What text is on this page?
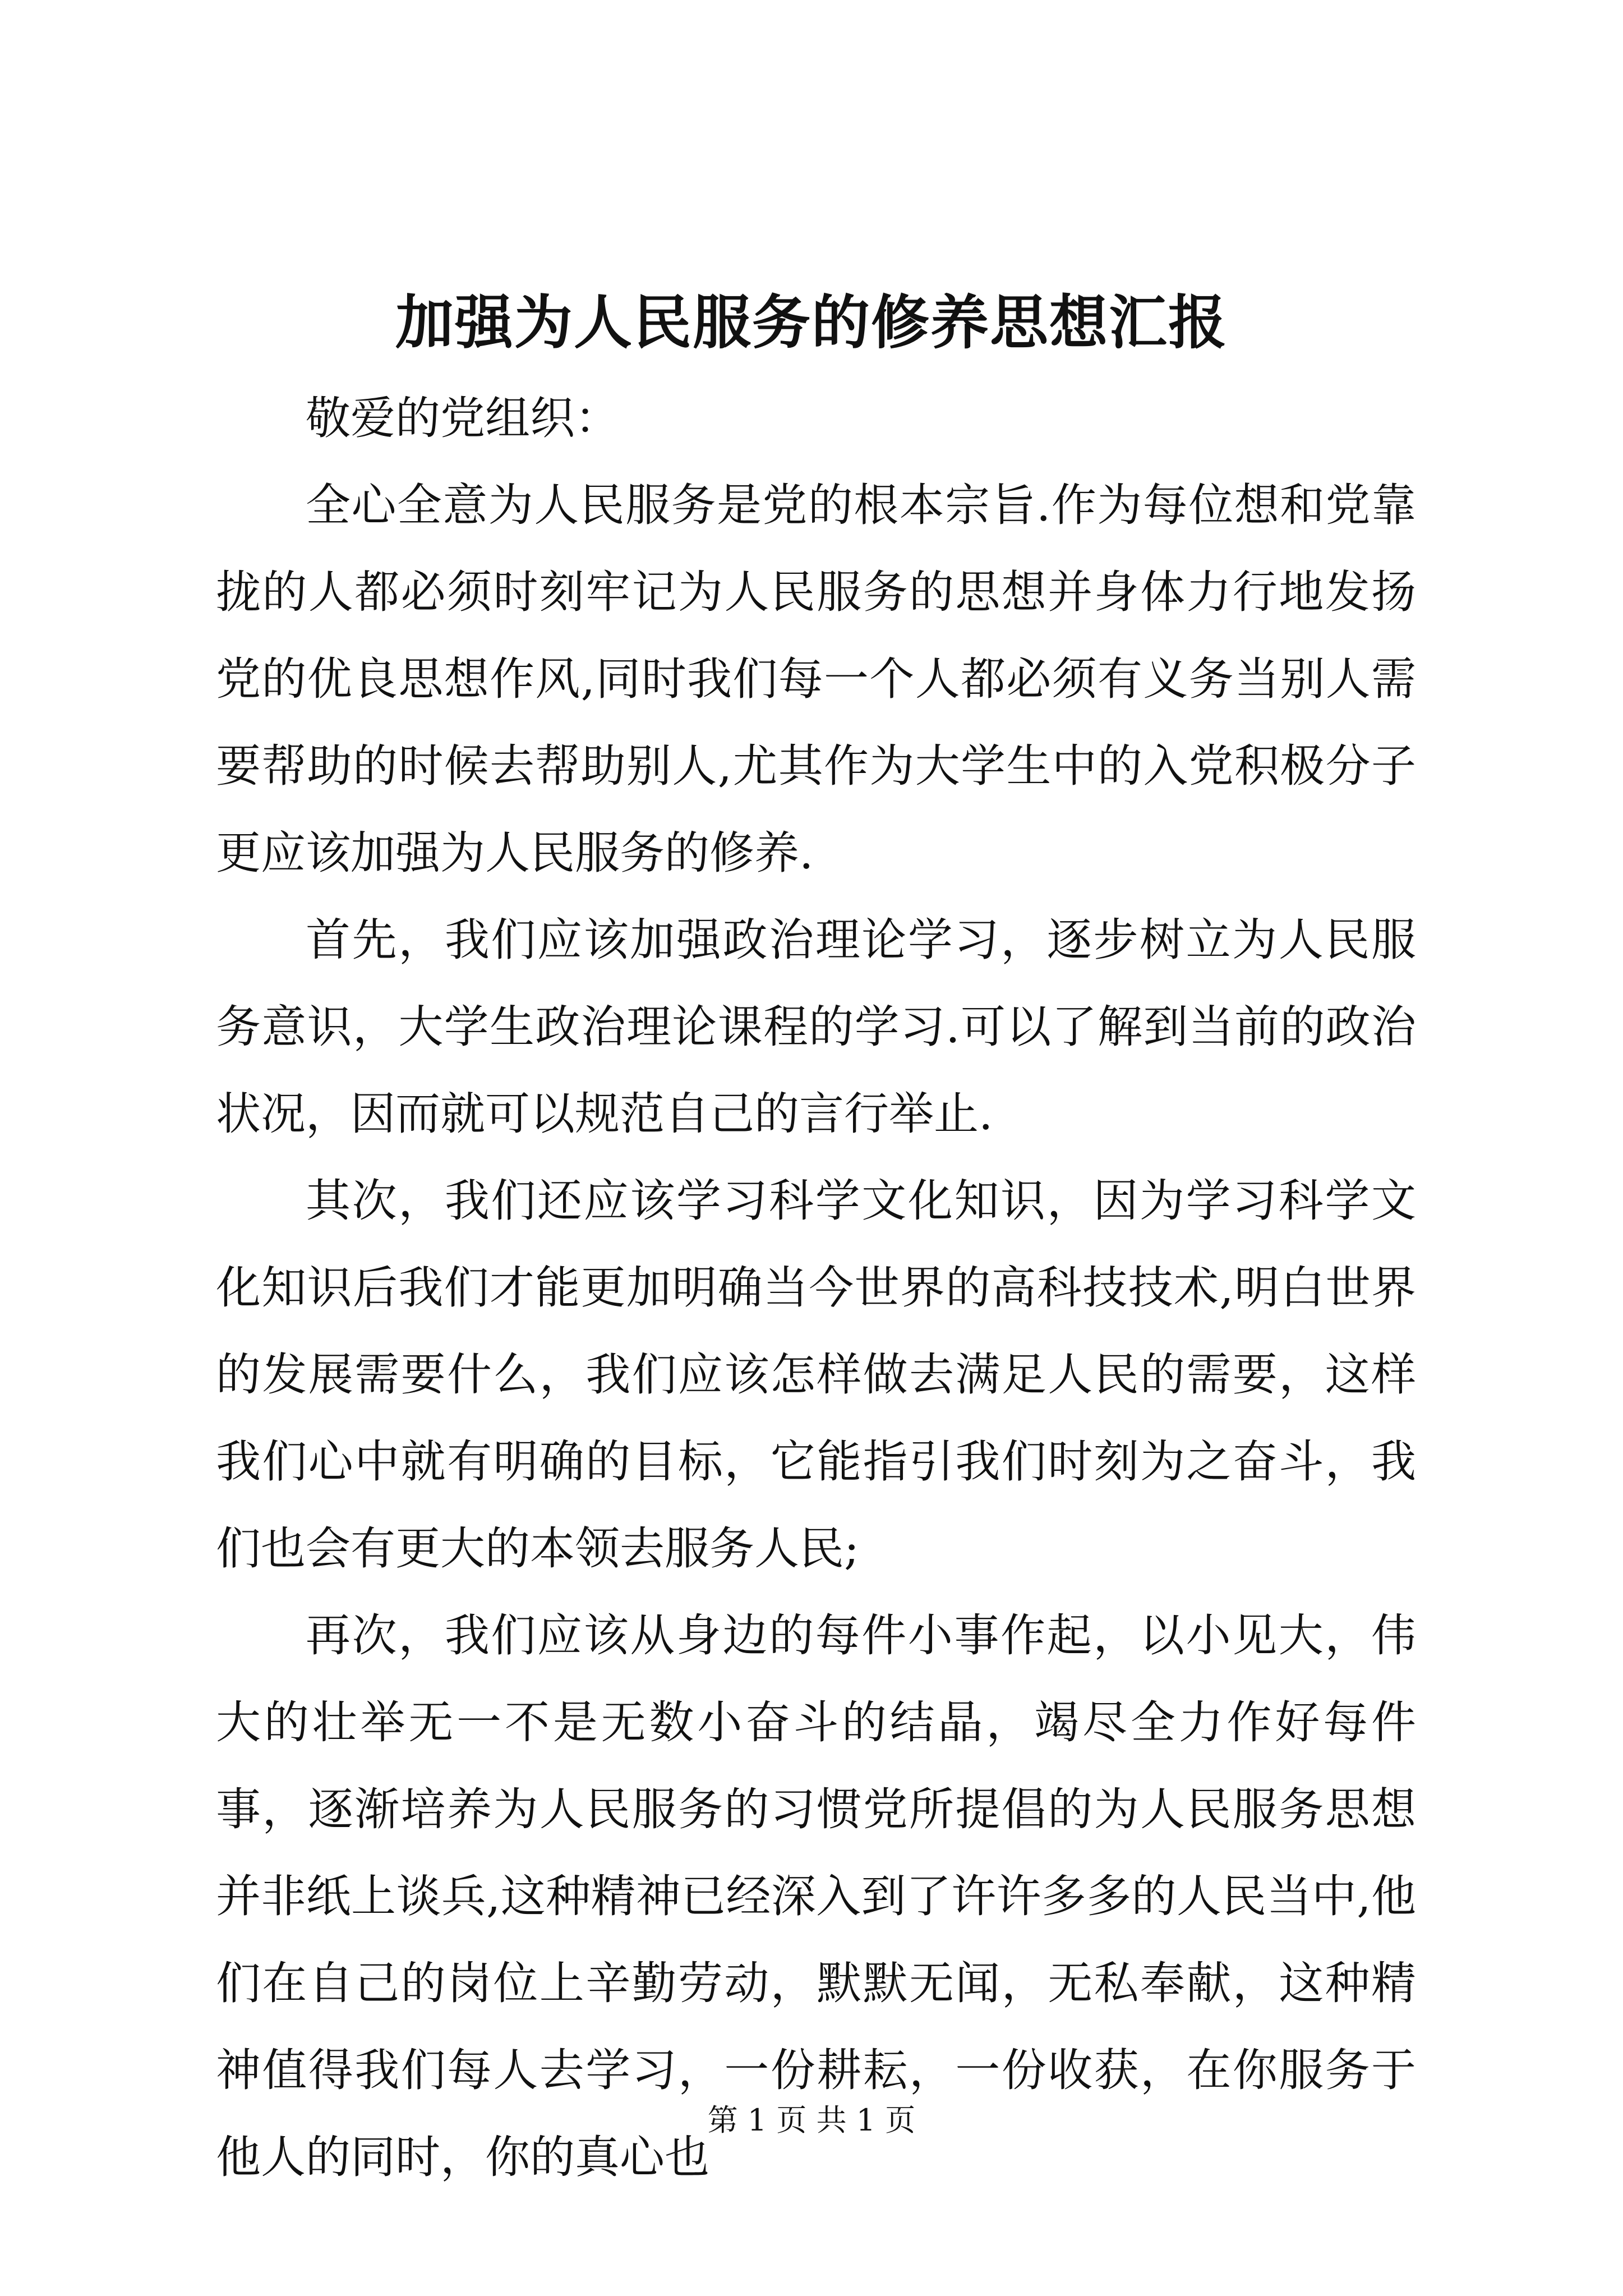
加强为人民服务的修养思想汇报

敬爱的党组织：

全心全意为人民服务是党的根本宗旨.作为每位想和党靠拢的人都必须时刻牢记为人民服务的思想并身体力行地发扬党的优良思想作风,同时我们每一个人都必须有义务当别人需要帮助的时候去帮助别人,尤其作为大学生中的入党积极分子更应该加强为人民服务的修养.

首先，我们应该加强政治理论学习，逐步树立为人民服务意识，大学生政治理论课程的学习.可以了解到当前的政治状况，因而就可以规范自己的言行举止.

其次，我们还应该学习科学文化知识，因为学习科学文化知识后我们才能更加明确当今世界的高科技技术,明白世界的发展需要什么，我们应该怎样做去满足人民的需要，这样我们心中就有明确的目标，它能指引我们时刻为之奋斗，我们也会有更大的本领去服务人民;

再次，我们应该从身边的每件小事作起，以小见大，伟大的壮举无一不是无数小奋斗的结晶，竭尽全力作好每件事，逐渐培养为人民服务的习惯党所提倡的为人民服务思想并非纸上谈兵,这种精神已经深入到了许许多多的人民当中,他们在自己的岗位上辛勤劳动，默默无闻，无私奉献，这种精神值得我们每人去学习，一份耕耘，一份收获，在你服务于他人的同时，你的真心也

第 1 页 共 1 页
